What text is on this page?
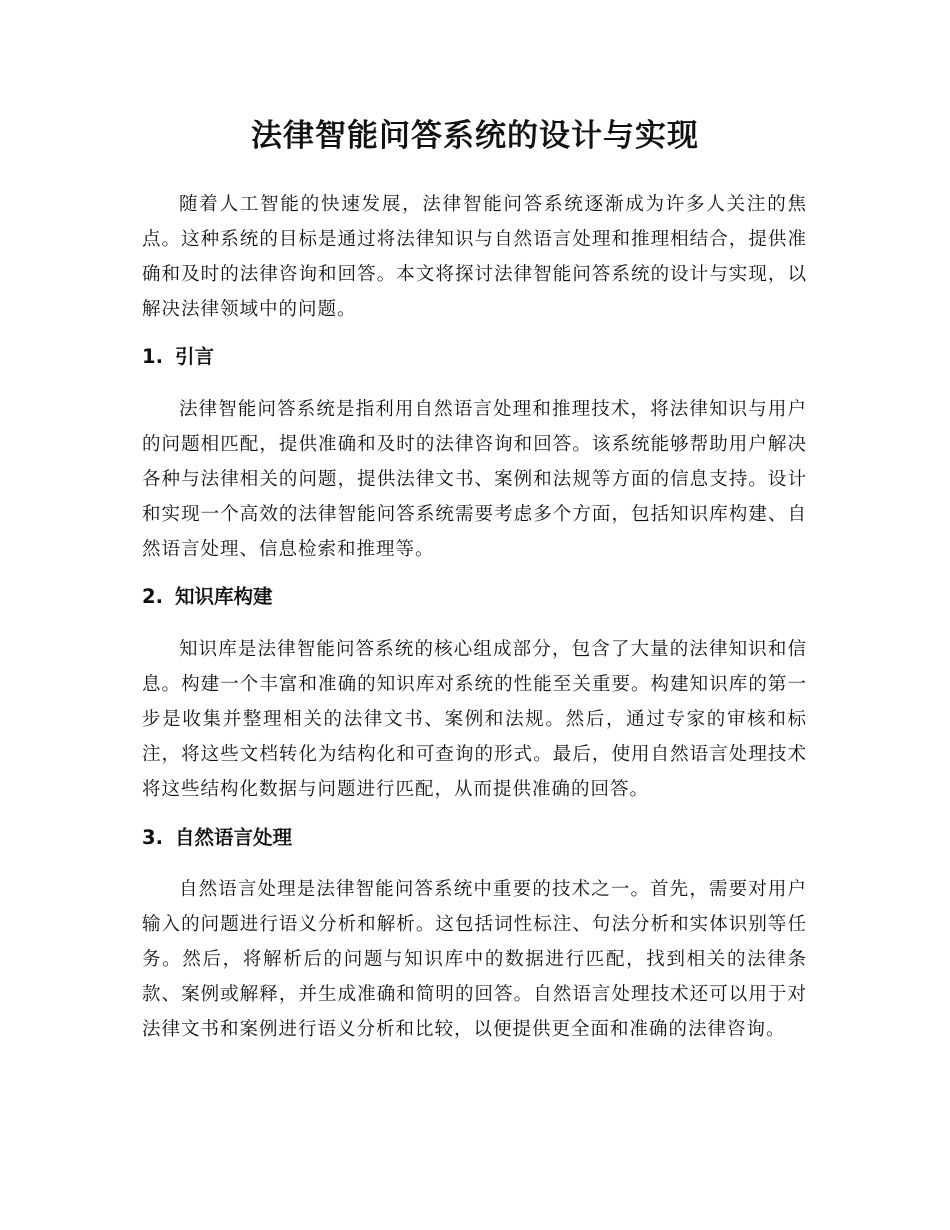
法律智能问答系统的设计与实现

随着人工智能的快速发展，法律智能问答系统逐渐成为许多人关注的焦点。这种系统的目标是通过将法律知识与自然语言处理和推理相结合，提供准确和及时的法律咨询和回答。本文将探讨法律智能问答系统的设计与实现，以解决法律领域中的问题。

1. 引言

法律智能问答系统是指利用自然语言处理和推理技术，将法律知识与用户的问题相匹配，提供准确和及时的法律咨询和回答。该系统能够帮助用户解决各种与法律相关的问题，提供法律文书、案例和法规等方面的信息支持。设计和实现一个高效的法律智能问答系统需要考虑多个方面，包括知识库构建、自然语言处理、信息检索和推理等。

2. 知识库构建

知识库是法律智能问答系统的核心组成部分，包含了大量的法律知识和信息。构建一个丰富和准确的知识库对系统的性能至关重要。构建知识库的第一步是收集并整理相关的法律文书、案例和法规。然后，通过专家的审核和标注，将这些文档转化为结构化和可查询的形式。最后，使用自然语言处理技术将这些结构化数据与问题进行匹配，从而提供准确的回答。

3. 自然语言处理

自然语言处理是法律智能问答系统中重要的技术之一。首先，需要对用户输入的问题进行语义分析和解析。这包括词性标注、句法分析和实体识别等任务。然后，将解析后的问题与知识库中的数据进行匹配，找到相关的法律条款、案例或解释，并生成准确和简明的回答。自然语言处理技术还可以用于对法律文书和案例进行语义分析和比较，以便提供更全面和准确的法律咨询。
